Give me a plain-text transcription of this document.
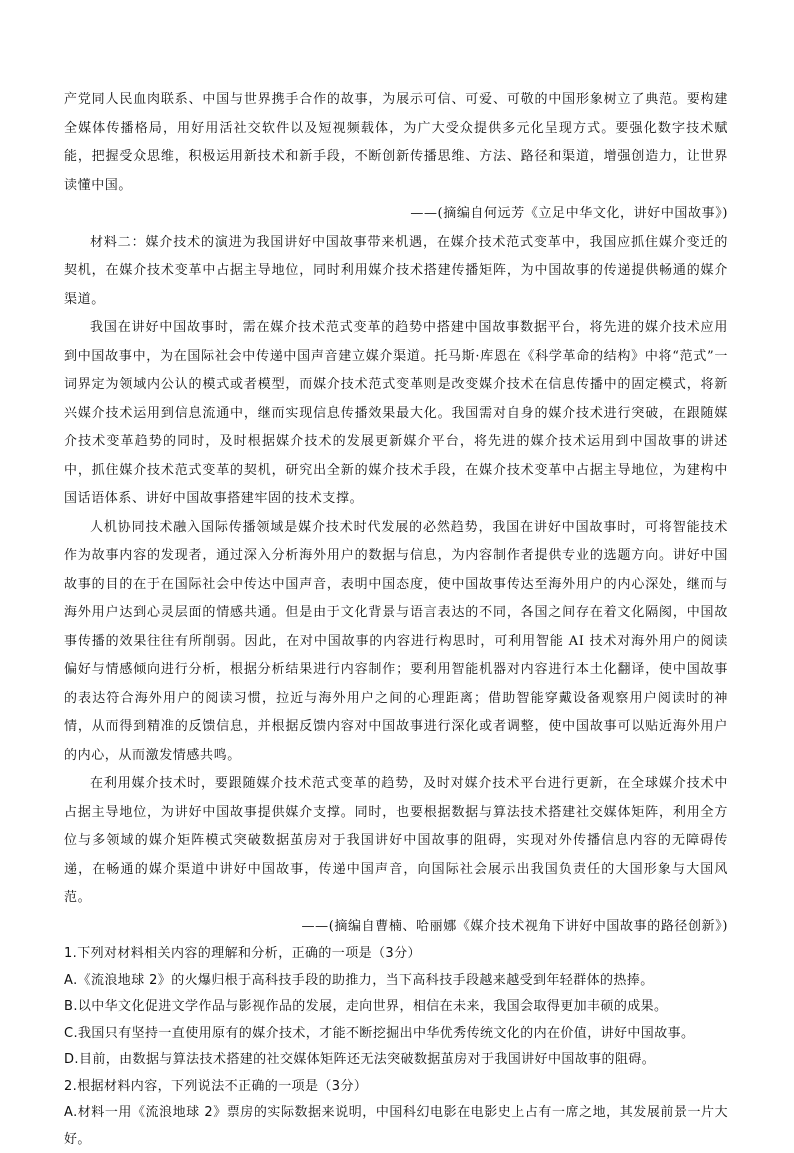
产党同人民血肉联系、中国与世界携手合作的故事，为展示可信、可爱、可敬的中国形象树立了典范。要构建全媒体传播格局，用好用活社交软件以及短视频载体，为广大受众提供多元化呈现方式。要强化数字技术赋能，把握受众思维，积极运用新技术和新手段，不断创新传播思维、方法、路径和渠道，增强创造力，让世界读懂中国。

——(摘编自何远芳《立足中华文化，讲好中国故事》)

材料二：媒介技术的演进为我国讲好中国故事带来机遇，在媒介技术范式变革中，我国应抓住媒介变迁的契机，在媒介技术变革中占据主导地位，同时利用媒介技术搭建传播矩阵，为中国故事的传递提供畅通的媒介渠道。

我国在讲好中国故事时，需在媒介技术范式变革的趋势中搭建中国故事数据平台，将先进的媒介技术应用到中国故事中，为在国际社会中传递中国声音建立媒介渠道。托马斯·库恩在《科学革命的结构》中将“范式”一词界定为领域内公认的模式或者模型，而媒介技术范式变革则是改变媒介技术在信息传播中的固定模式，将新兴媒介技术运用到信息流通中，继而实现信息传播效果最大化。我国需对自身的媒介技术进行突破，在跟随媒介技术变革趋势的同时，及时根据媒介技术的发展更新媒介平台，将先进的媒介技术运用到中国故事的讲述中，抓住媒介技术范式变革的契机，研究出全新的媒介技术手段，在媒介技术变革中占据主导地位，为建构中国话语体系、讲好中国故事搭建牢固的技术支撑。

人机协同技术融入国际传播领域是媒介技术时代发展的必然趋势，我国在讲好中国故事时，可将智能技术作为故事内容的发现者，通过深入分析海外用户的数据与信息，为内容制作者提供专业的选题方向。讲好中国故事的目的在于在国际社会中传达中国声音，表明中国态度，使中国故事传达至海外用户的内心深处，继而与海外用户达到心灵层面的情感共通。但是由于文化背景与语言表达的不同，各国之间存在着文化隔阂，中国故事传播的效果往往有所削弱。因此，在对中国故事的内容进行构思时，可利用智能 AI 技术对海外用户的阅读偏好与情感倾向进行分析，根据分析结果进行内容制作；要利用智能机器对内容进行本土化翻译，使中国故事的表达符合海外用户的阅读习惯，拉近与海外用户之间的心理距离；借助智能穿戴设备观察用户阅读时的神情，从而得到精准的反馈信息，并根据反馈内容对中国故事进行深化或者调整，使中国故事可以贴近海外用户的内心，从而激发情感共鸣。

在利用媒介技术时，要跟随媒介技术范式变革的趋势，及时对媒介技术平台进行更新，在全球媒介技术中占据主导地位，为讲好中国故事提供媒介支撑。同时，也要根据数据与算法技术搭建社交媒体矩阵，利用全方位与多领域的媒介矩阵模式突破数据茧房对于我国讲好中国故事的阻碍，实现对外传播信息内容的无障碍传递，在畅通的媒介渠道中讲好中国故事，传递中国声音，向国际社会展示出我国负责任的大国形象与大国风范。

——(摘编自曹楠、哈丽娜《媒介技术视角下讲好中国故事的路径创新》)

1.下列对材料相关内容的理解和分析，正确的一项是（3分）

A.《流浪地球 2》的火爆归根于高科技手段的助推力，当下高科技手段越来越受到年轻群体的热捧。

B.以中华文化促进文学作品与影视作品的发展，走向世界，相信在未来，我国会取得更加丰硕的成果。

C.我国只有坚持一直使用原有的媒介技术，才能不断挖掘出中华优秀传统文化的内在价值，讲好中国故事。

D.目前，由数据与算法技术搭建的社交媒体矩阵还无法突破数据茧房对于我国讲好中国故事的阻碍。

2.根据材料内容，下列说法不正确的一项是（3分）

A.材料一用《流浪地球 2》票房的实际数据来说明，中国科幻电影在电影史上占有一席之地，其发展前景一片大好。
